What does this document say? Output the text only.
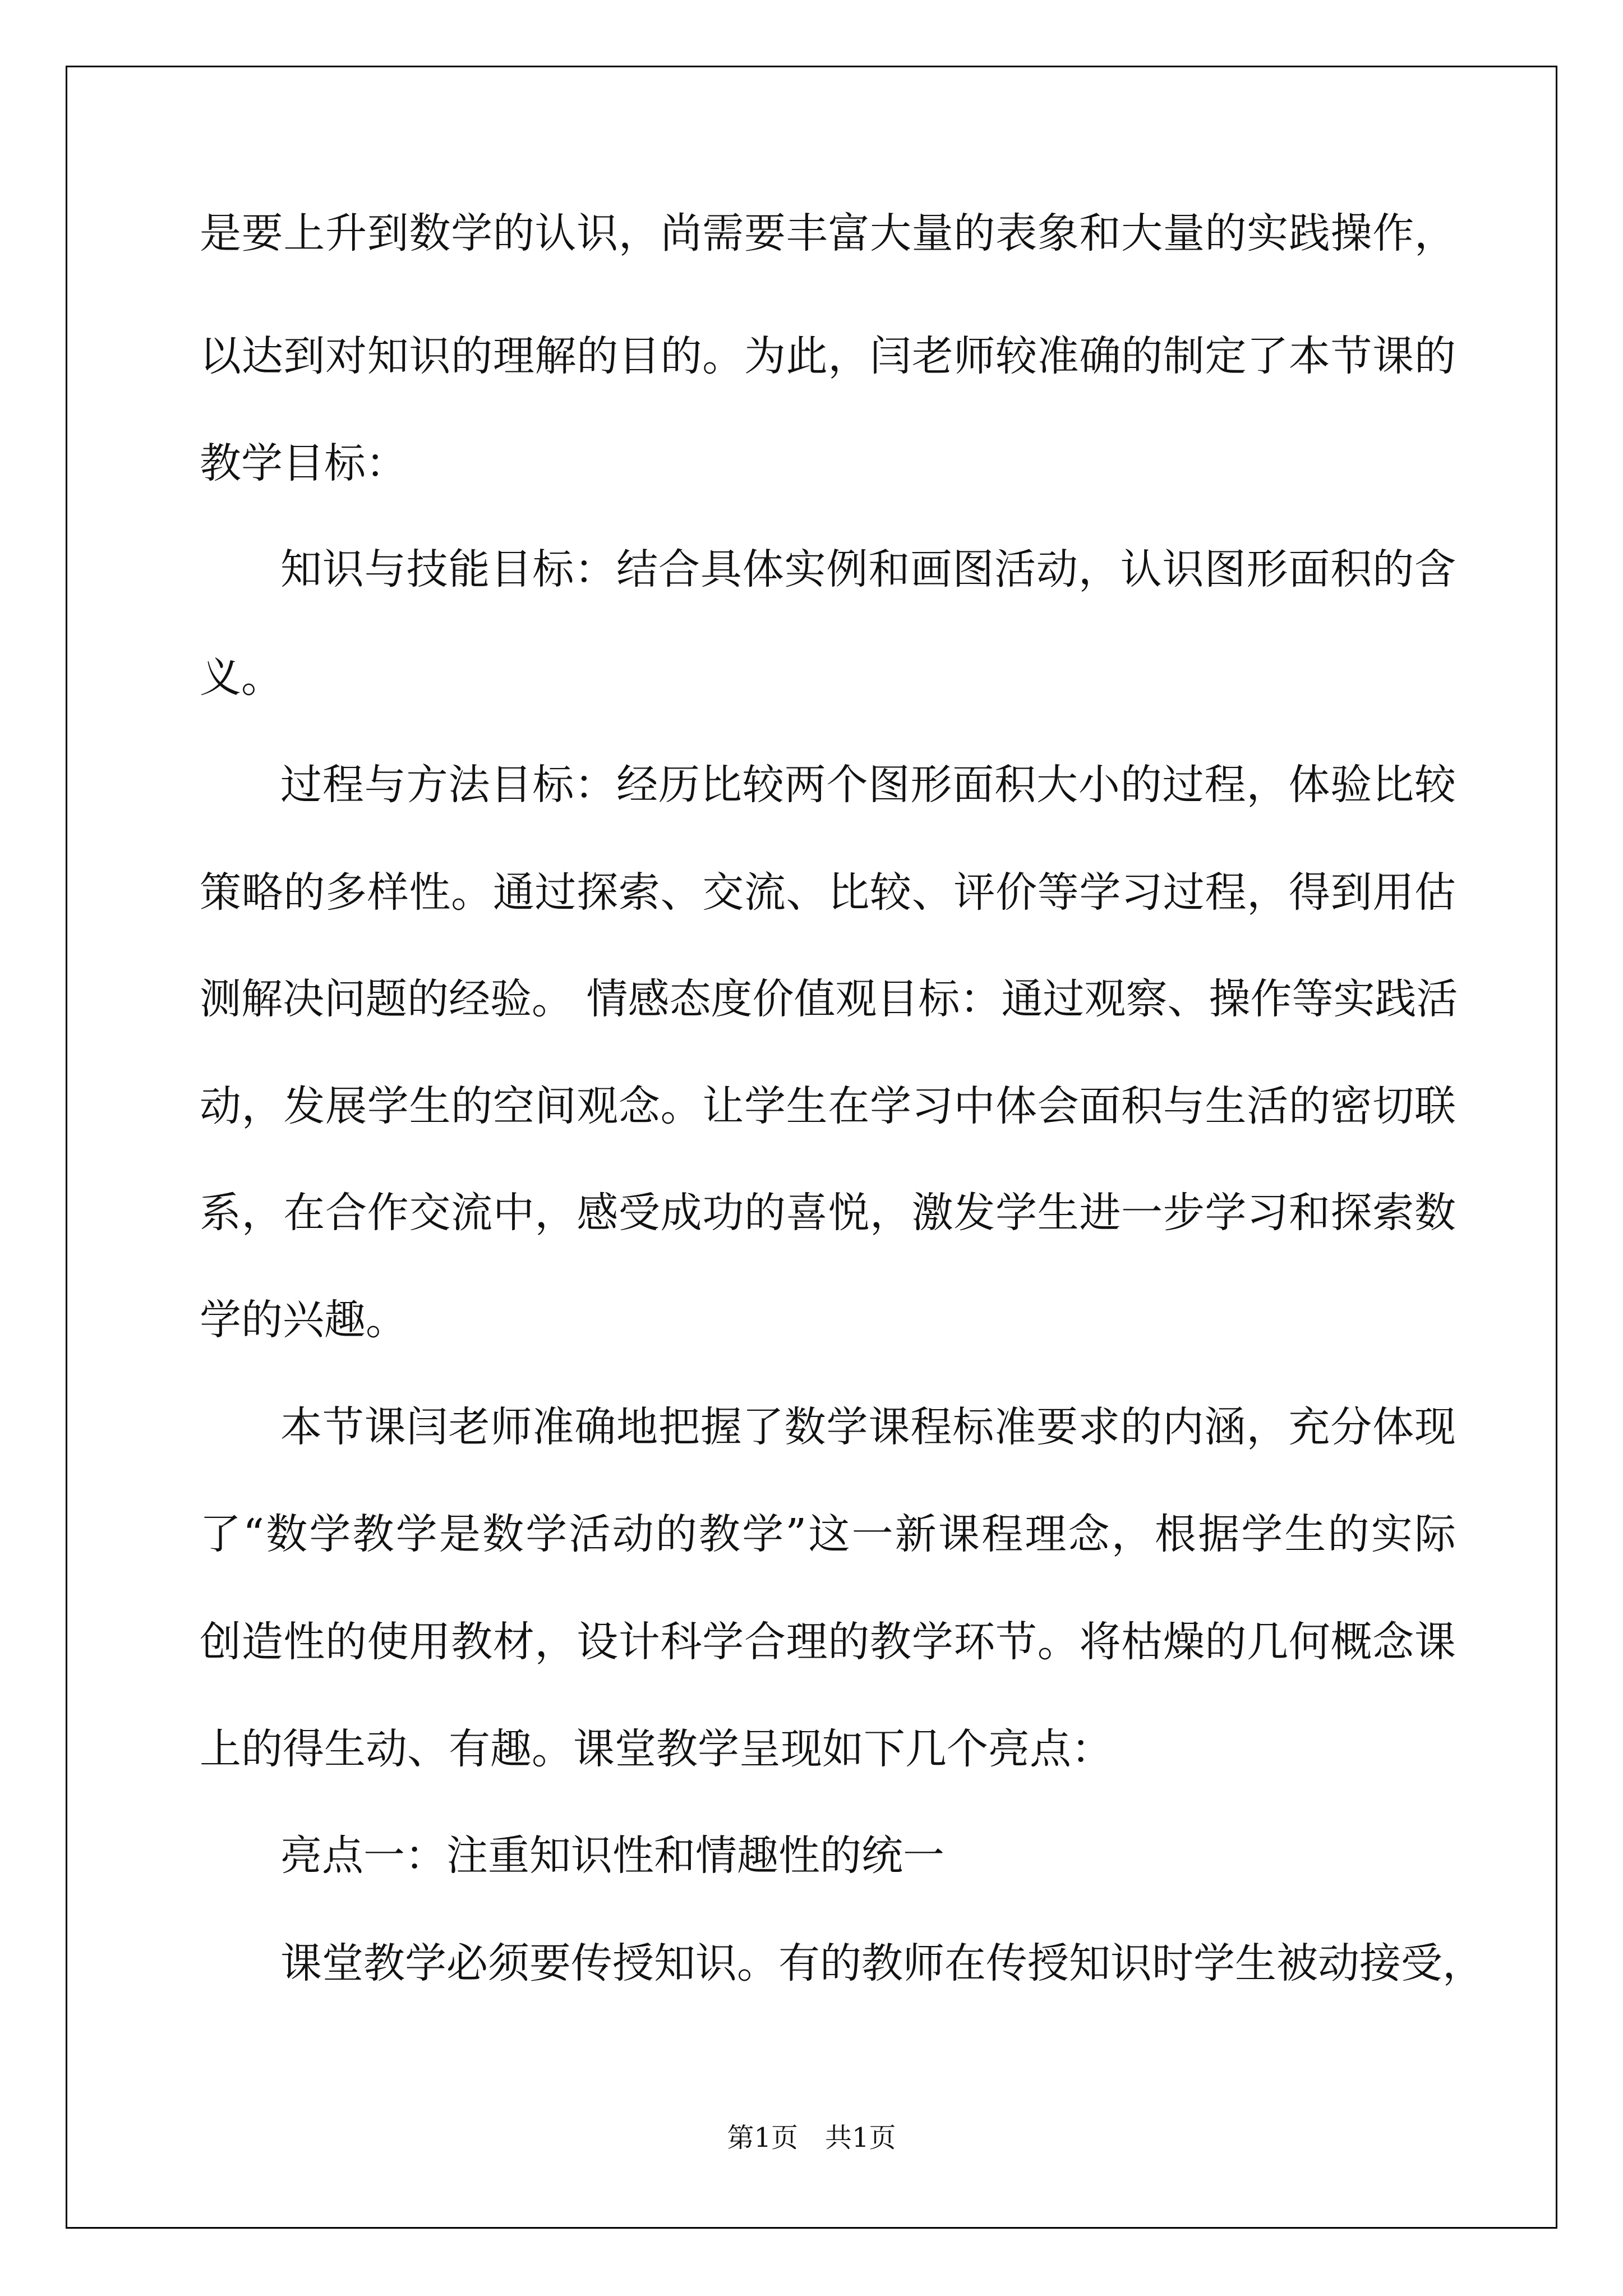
是要上升到数学的认识，尚需要丰富大量的表象和大量的实践操作，
以达到对知识的理解的目的。为此，闫老师较准确的制定了本节课的
教学目标：
知识与技能目标：结合具体实例和画图活动，认识图形面积的含
义。
过程与方法目标：经历比较两个图形面积大小的过程，体验比较
策略的多样性。通过探索、交流、比较、评价等学习过程，得到用估
测解决问题的经验。 情感态度价值观目标：通过观察、操作等实践活
动，发展学生的空间观念。让学生在学习中体会面积与生活的密切联
系，在合作交流中，感受成功的喜悦，激发学生进一步学习和探索数
学的兴趣。
本节课闫老师准确地把握了数学课程标准要求的内涵，充分体现
了“数学教学是数学活动的教学”这一新课程理念，根据学生的实际
创造性的使用教材，设计科学合理的教学环节。将枯燥的几何概念课
上的得生动、有趣。课堂教学呈现如下几个亮点：
亮点一：注重知识性和情趣性的统一
课堂教学必须要传授知识。有的教师在传授知识时学生被动接受，
第1页　共1页
